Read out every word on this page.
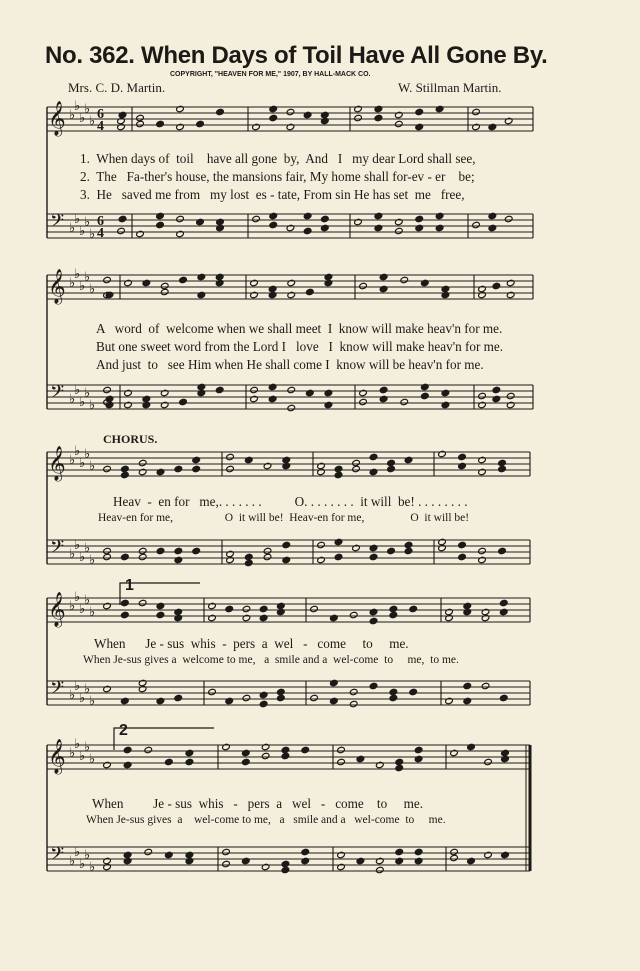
No. 362. When Days of Toil Have All Gone By.
COPYRIGHT, "HEAVEN FOR ME," 1907, BY HALL-MACK CO.
Mrs. C. D. Martin.	W. Stillman Martin.
𝄞
𝄢
♭
♭
♭
♭
♭
♭
♭
♭
♭
♭
6
4
6
4
𝄞
𝄢
♭
♭
♭
♭
♭
♭
♭
♭
♭
♭
𝄞
𝄢
♭
♭
♭
♭
♭
♭
♭
♭
♭
♭
𝄞
𝄢
♭
♭
♭
♭
♭
♭
♭
♭
♭
♭
𝄞
𝄢
♭
♭
♭
♭
♭
♭
♭
♭
♭
♭
1.  When days of  toil    have all gone  by,  And   I   my dear Lord shall see,
2.  The   Fa-ther's house, the mansions fair, My home shall for-ev - er    be;
3.  He   saved me from   my lost  es - tate, From sin He has set  me   free,
A   word  of  welcome when we shall meet  I  know will make heav'n for me.
But one sweet word from the Lord I   love   I  know will make heav'n for me.
And just  to   see Him when He shall come I  know will be heav'n for me.
CHORUS.
Heav  -  en for   me,. . . . . . .          O. . . . . . . .  it will  be! . . . . . . . .
Heav-en for me,                  O  it will be!  Heav-en for me,                O  it will be!
1
When      Je - sus  whis  -  pers  a  wel   -   come     to     me.
When Je-sus gives a  welcome to me,   a  smile and a  wel-come  to     me,  to me.
2
When         Je - sus  whis   -   pers  a   wel   -   come    to     me.
When Je-sus gives  a    wel-come to me,   a   smile and a   wel-come  to     me.
